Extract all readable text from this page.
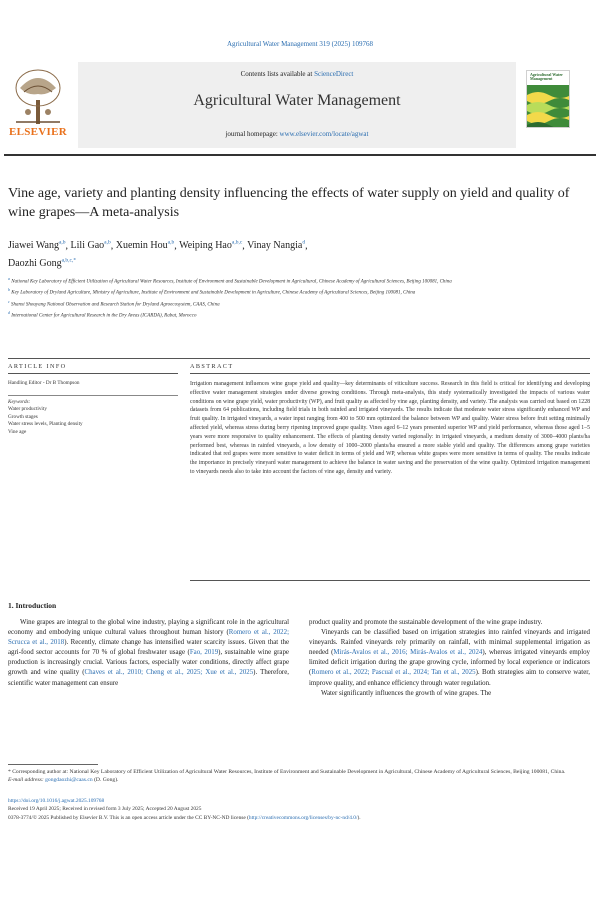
Agricultural Water Management 319 (2025) 109768
ELSEVIER
Contents lists available at ScienceDirect
Agricultural Water Management
journal homepage: www.elsevier.com/locate/agwat
Agricultural Water Management
Vine age, variety and planting density influencing the effects of water supply on yield and quality of wine grapes—A meta-analysis
Jiawei Wang$^{a,b}$, Lili Gao$^{a,b}$, Xuemin Hou$^{a,b}$, Weiping Hao$^{a,b,c}$, Vinay Nangia$^d$,
Daozhi Gong$^{a,b,c,*}$
$^a$ National Key Laboratory of Efficient Utilization of Agricultural Water Resources, Institute of Environment and Sustainable Development in Agricultural, Chinese Academy of Agricultural Sciences, Beijing 100081, China
$^b$ Key Laboratory of Dryland Agriculture, Ministry of Agriculture, Institute of Environment and Sustainable Development in Agriculture, Chinese Academy of Agricultural Sciences, Beijing 100081, China
$^c$ Shanxi Shouyang National Observation and Research Station for Dryland Agroecosystem, CAAS, China
$^d$ International Center for Agricultural Research in the Dry Areas (ICARDA), Rabat, Morocco
ARTICLE INFO	ABSTRACT
Handling Editor - Dr B Thompson
Keywords:
Water productivity
Growth stages
Water stress levels, Planting density
Vine age
Irrigation management influences wine grape yield and quality—key determinants of viticulture success. Research in this field is critical for identifying and developing effective water management strategies under diverse growing conditions. Through meta-analysis, this study systematically investigated the impacts of various water conditions on wine grape yield, water productivity (WP), and fruit quality as affected by vine age, planting density, and variety. The analysis was carried out based on 1228 datasets from 64 publications, including field trials in both rainfed and irrigated vineyards. The results indicate that moderate water stress significantly enhanced WP and fruit quality. In irrigated vineyards, a water input ranging from 400 to 500 mm optimized the balance between WP and quality. Water stress before fruit setting minimally affected yield, whereas stress during berry ripening improved grape quality. Vines aged 6–12 years presented superior WP and yield performance, whereas those aged 1–5 years were more responsive to quality enhancement. The effects of planting density varied regionally: in irrigated vineyards, a medium density of 3000–4000 plants/ha performed best, whereas in rainfed vineyards, a low density of 1000–2000 plants/ha ensured a more stable yield and quality. The differences among grape varieties indicated that red grapes were more sensitive to water deficit in terms of yield and WP, whereas white grapes were more sensitive in terms of quality. The results indicate the importance in precisely vineyard water management to achieve the balance in water saving and the preservation of the wine quality. Optimized irrigation management to vineyards needs also to take into account the factors of vine age, density and variety.
1. Introduction

Wine grapes are integral to the global wine industry, playing a significant role in the agricultural economy and embodying unique cultural values throughout human history (Romero et al., 2022; Scrucca et al., 2018). Recently, climate change has intensified water scarcity issues. Given that the agri-food sector accounts for 70 % of global freshwater usage (Fao, 2019), sustainable wine grape production is increasingly crucial. Various factors, especially water conditions, directly affect grape growth and wine quality (Chaves et al., 2010; Cheng et al., 2025; Xue et al., 2025). Therefore, scientific water management can ensure

product quality and promote the sustainable development of the wine grape industry.

Vineyards can be classified based on irrigation strategies into rainfed vineyards and irrigated vineyards. Rainfed vineyards rely primarily on rainfall, with minimal supplemental irrigation as needed (Mirás-Avalos et al., 2016; Mirás-Avalos et al., 2024), whereas irrigated vineyards employ limited deficit irrigation during the grape growing cycle, informed by local experience or indicators (Romero et al., 2022; Pascual et al., 2024; Tan et al., 2025). Both strategies aim to conserve water, improve quality, and enhance efficiency through water regulation.

Water significantly influences the growth of wine grapes. The

* Corresponding author at: National Key Laboratory of Efficient Utilization of Agricultural Water Resources, Institute of Environment and Sustainable Development in Agricultural, Chinese Academy of Agricultural Sciences, Beijing 100081, China.
E-mail address: gongdaozhi@caas.cn (D. Gong).
https://doi.org/10.1016/j.agwat.2025.109768
Received 19 April 2025; Received in revised form 3 July 2025; Accepted 20 August 2025
0378-3774/© 2025 Published by Elsevier B.V. This is an open access article under the CC BY-NC-ND license (http://creativecommons.org/licenses/by-nc-nd/4.0/).
